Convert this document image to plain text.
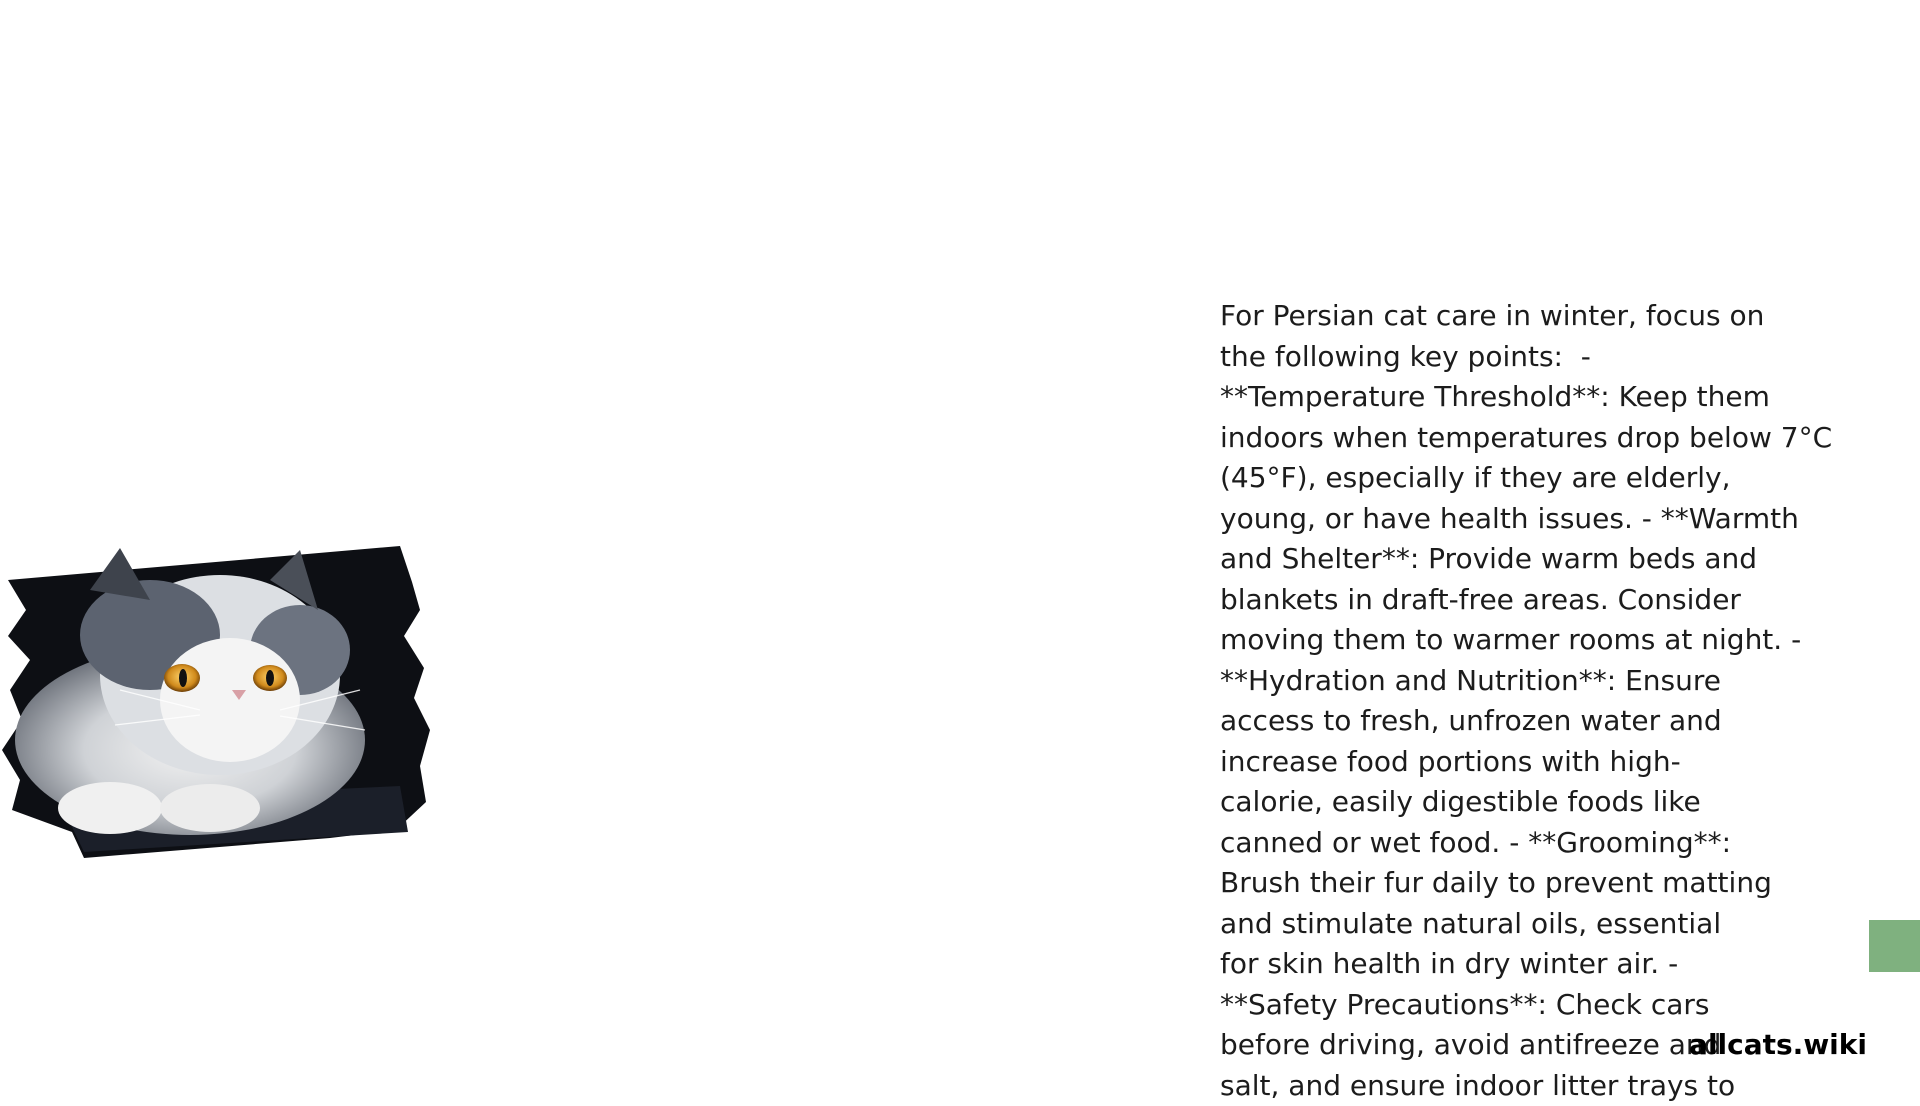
For Persian cat care in winter, focus on
the following key points:  -
**Temperature Threshold**: Keep them
indoors when temperatures drop below 7°C
(45°F), especially if they are elderly,
young, or have health issues. - **Warmth
and Shelter**: Provide warm beds and
blankets in draft-free areas. Consider
moving them to warmer rooms at night. -
**Hydration and Nutrition**: Ensure
access to fresh, unfrozen water and
increase food portions with high-
calorie, easily digestible foods like
canned or wet food. - **Grooming**:
Brush their fur daily to prevent matting
and stimulate natural oils, essential
for skin health in dry winter air. -
**Safety Precautions**: Check cars
before driving, avoid antifreeze and
salt, and ensure indoor litter trays to
allcats.wiki
